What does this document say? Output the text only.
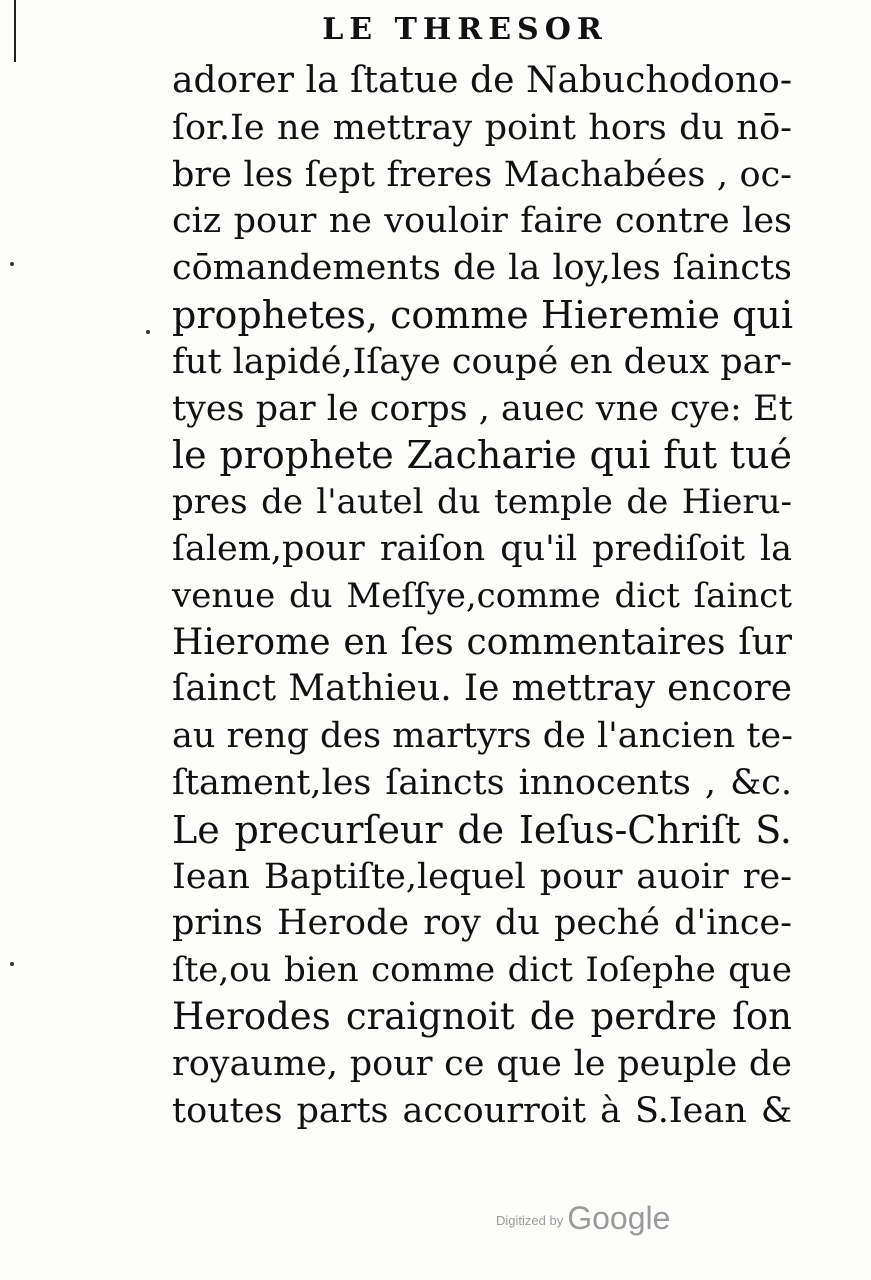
LE THRESOR
adorer la ſtatue de Nabuchodono-
ſor.Ie ne mettray point hors du nō-
bre les ſept freres Machabées , oc-
ciz pour ne vouloir faire contre les
cōmandements de la loy,les ſaincts
prophetes, comme Hieremie qui
fut lapidé,Iſaye coupé en deux par-
tyes par le corps , auec vne cye: Et
le prophete Zacharie qui fut tué
pres de l'autel du temple de Hieru-
ſalem,pour raiſon qu'il prediſoit la
venue du Meſſye,comme dict ſainct
Hierome en ſes commentaires ſur
ſainct Mathieu. Ie mettray encore
au reng des martyrs de l'ancien te-
ſtament,les ſaincts innocents , &c.
Le precurſeur de Ieſus-Chriſt S.
Iean Baptiſte,lequel pour auoir re-
prins Herode roy du peché d'ince-
ſte,ou bien comme dict Ioſephe que
Herodes craignoit de perdre ſon
royaume, pour ce que le peuple de
toutes parts accourroit à S.Iean &
$^{Digitized by}$ Google
